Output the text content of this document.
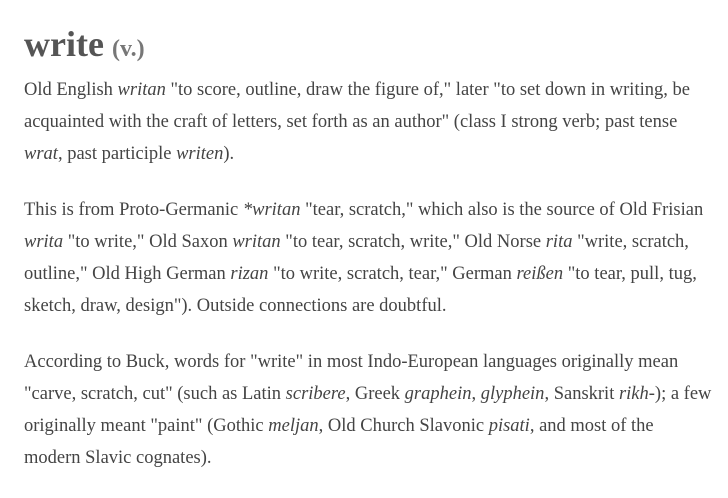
write (v.)

Old English writan "to score, outline, draw the figure of," later "to set down in writing, be acquainted with the craft of letters, set forth as an author" (class I strong verb; past tense wrat, past participle writen).

This is from Proto-Germanic *writan "tear, scratch," which also is the source of Old Frisian writa "to write," Old Saxon writan "to tear, scratch, write," Old Norse rita "write, scratch, outline," Old High German rizan "to write, scratch, tear," German reißen "to tear, pull, tug, sketch, draw, design"). Outside connections are doubtful.

According to Buck, words for "write" in most Indo-European languages originally mean "carve, scratch, cut" (such as Latin scribere, Greek graphein, glyphein, Sanskrit rikh-); a few originally meant "paint" (Gothic meljan, Old Church Slavonic pisati, and most of the modern Slavic cognates).
